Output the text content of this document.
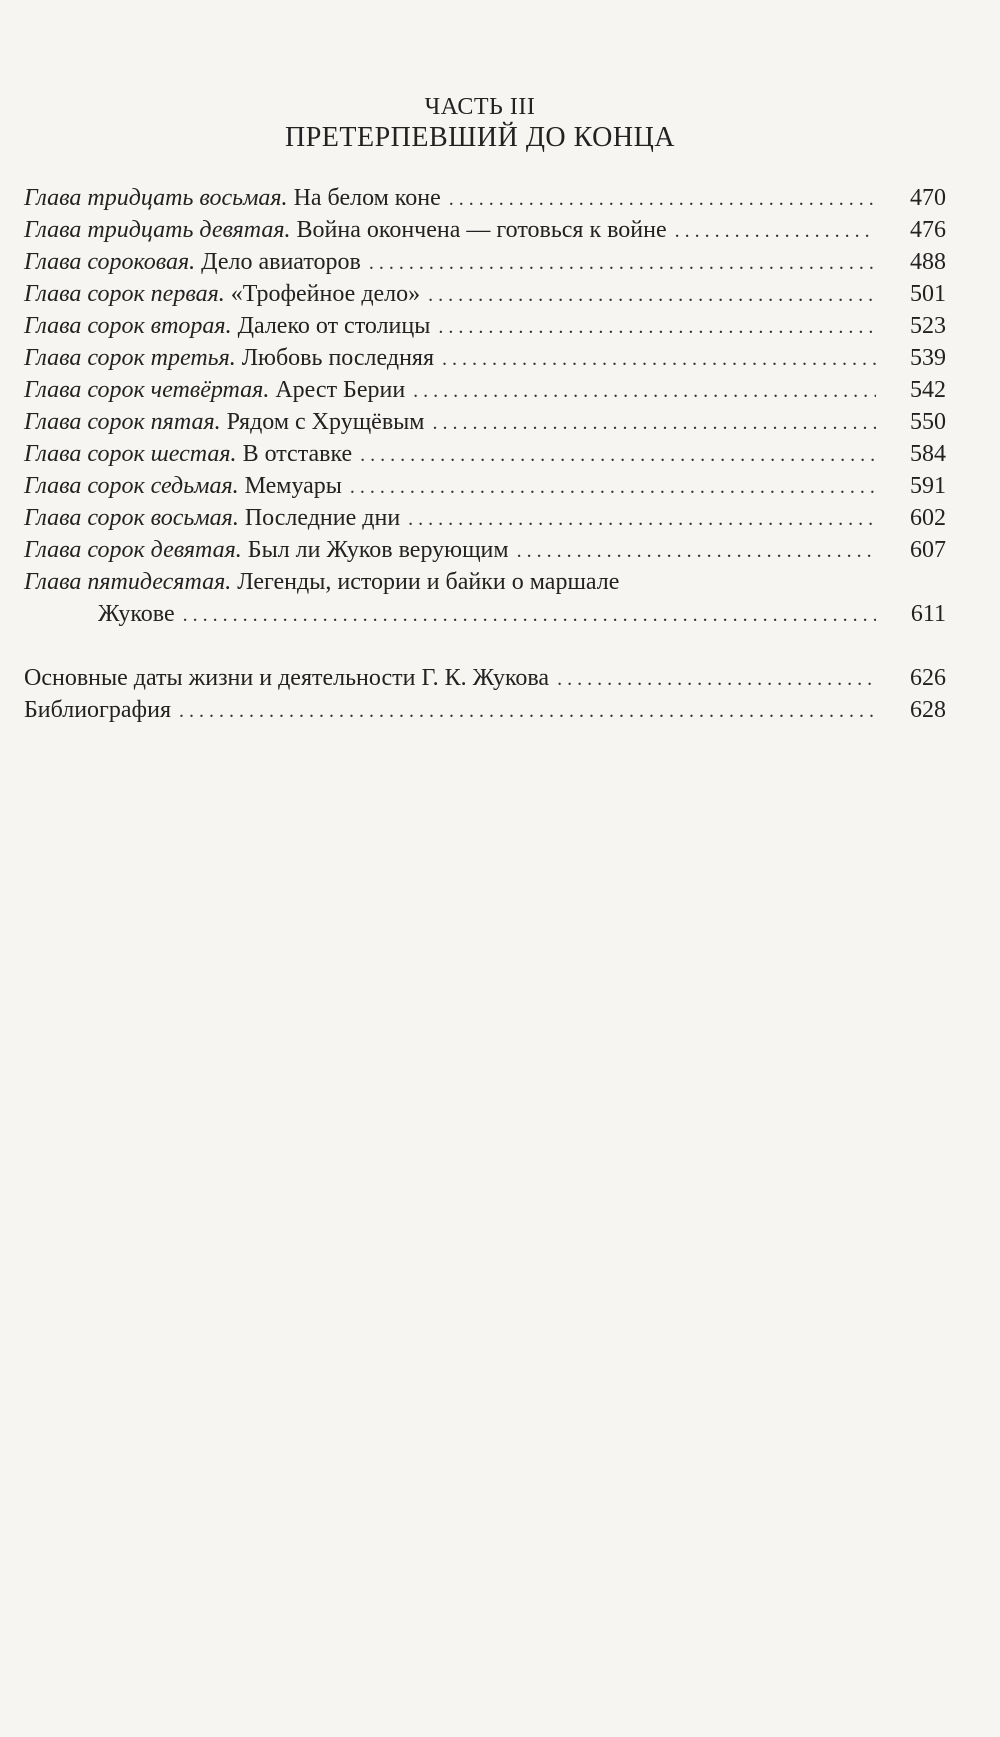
ЧАСТЬ III
ПРЕТЕРПЕВШИЙ ДО КОНЦА
Глава тридцать восьмая. На белом коне . . .	470
Глава тридцать девятая. Война окончена — готовься к войне . . .	476
Глава сороковая. Дело авиаторов . . .	488
Глава сорок первая. «Трофейное дело» . . .	501
Глава сорок вторая. Далеко от столицы . . .	523
Глава сорок третья. Любовь последняя . . .	539
Глава сорок четвёртая. Арест Берии . . .	542
Глава сорок пятая. Рядом с Хрущёвым . . .	550
Глава сорок шестая. В отставке . . .	584
Глава сорок седьмая. Мемуары . . .	591
Глава сорок восьмая. Последние дни . . .	602
Глава сорок девятая. Был ли Жуков верующим . . .	607
Глава пятидесятая. Легенды, истории и байки о маршале
Жукове . . .	611
Основные даты жизни и деятельности Г. К. Жукова . . .	626
Библиография . . .	628
